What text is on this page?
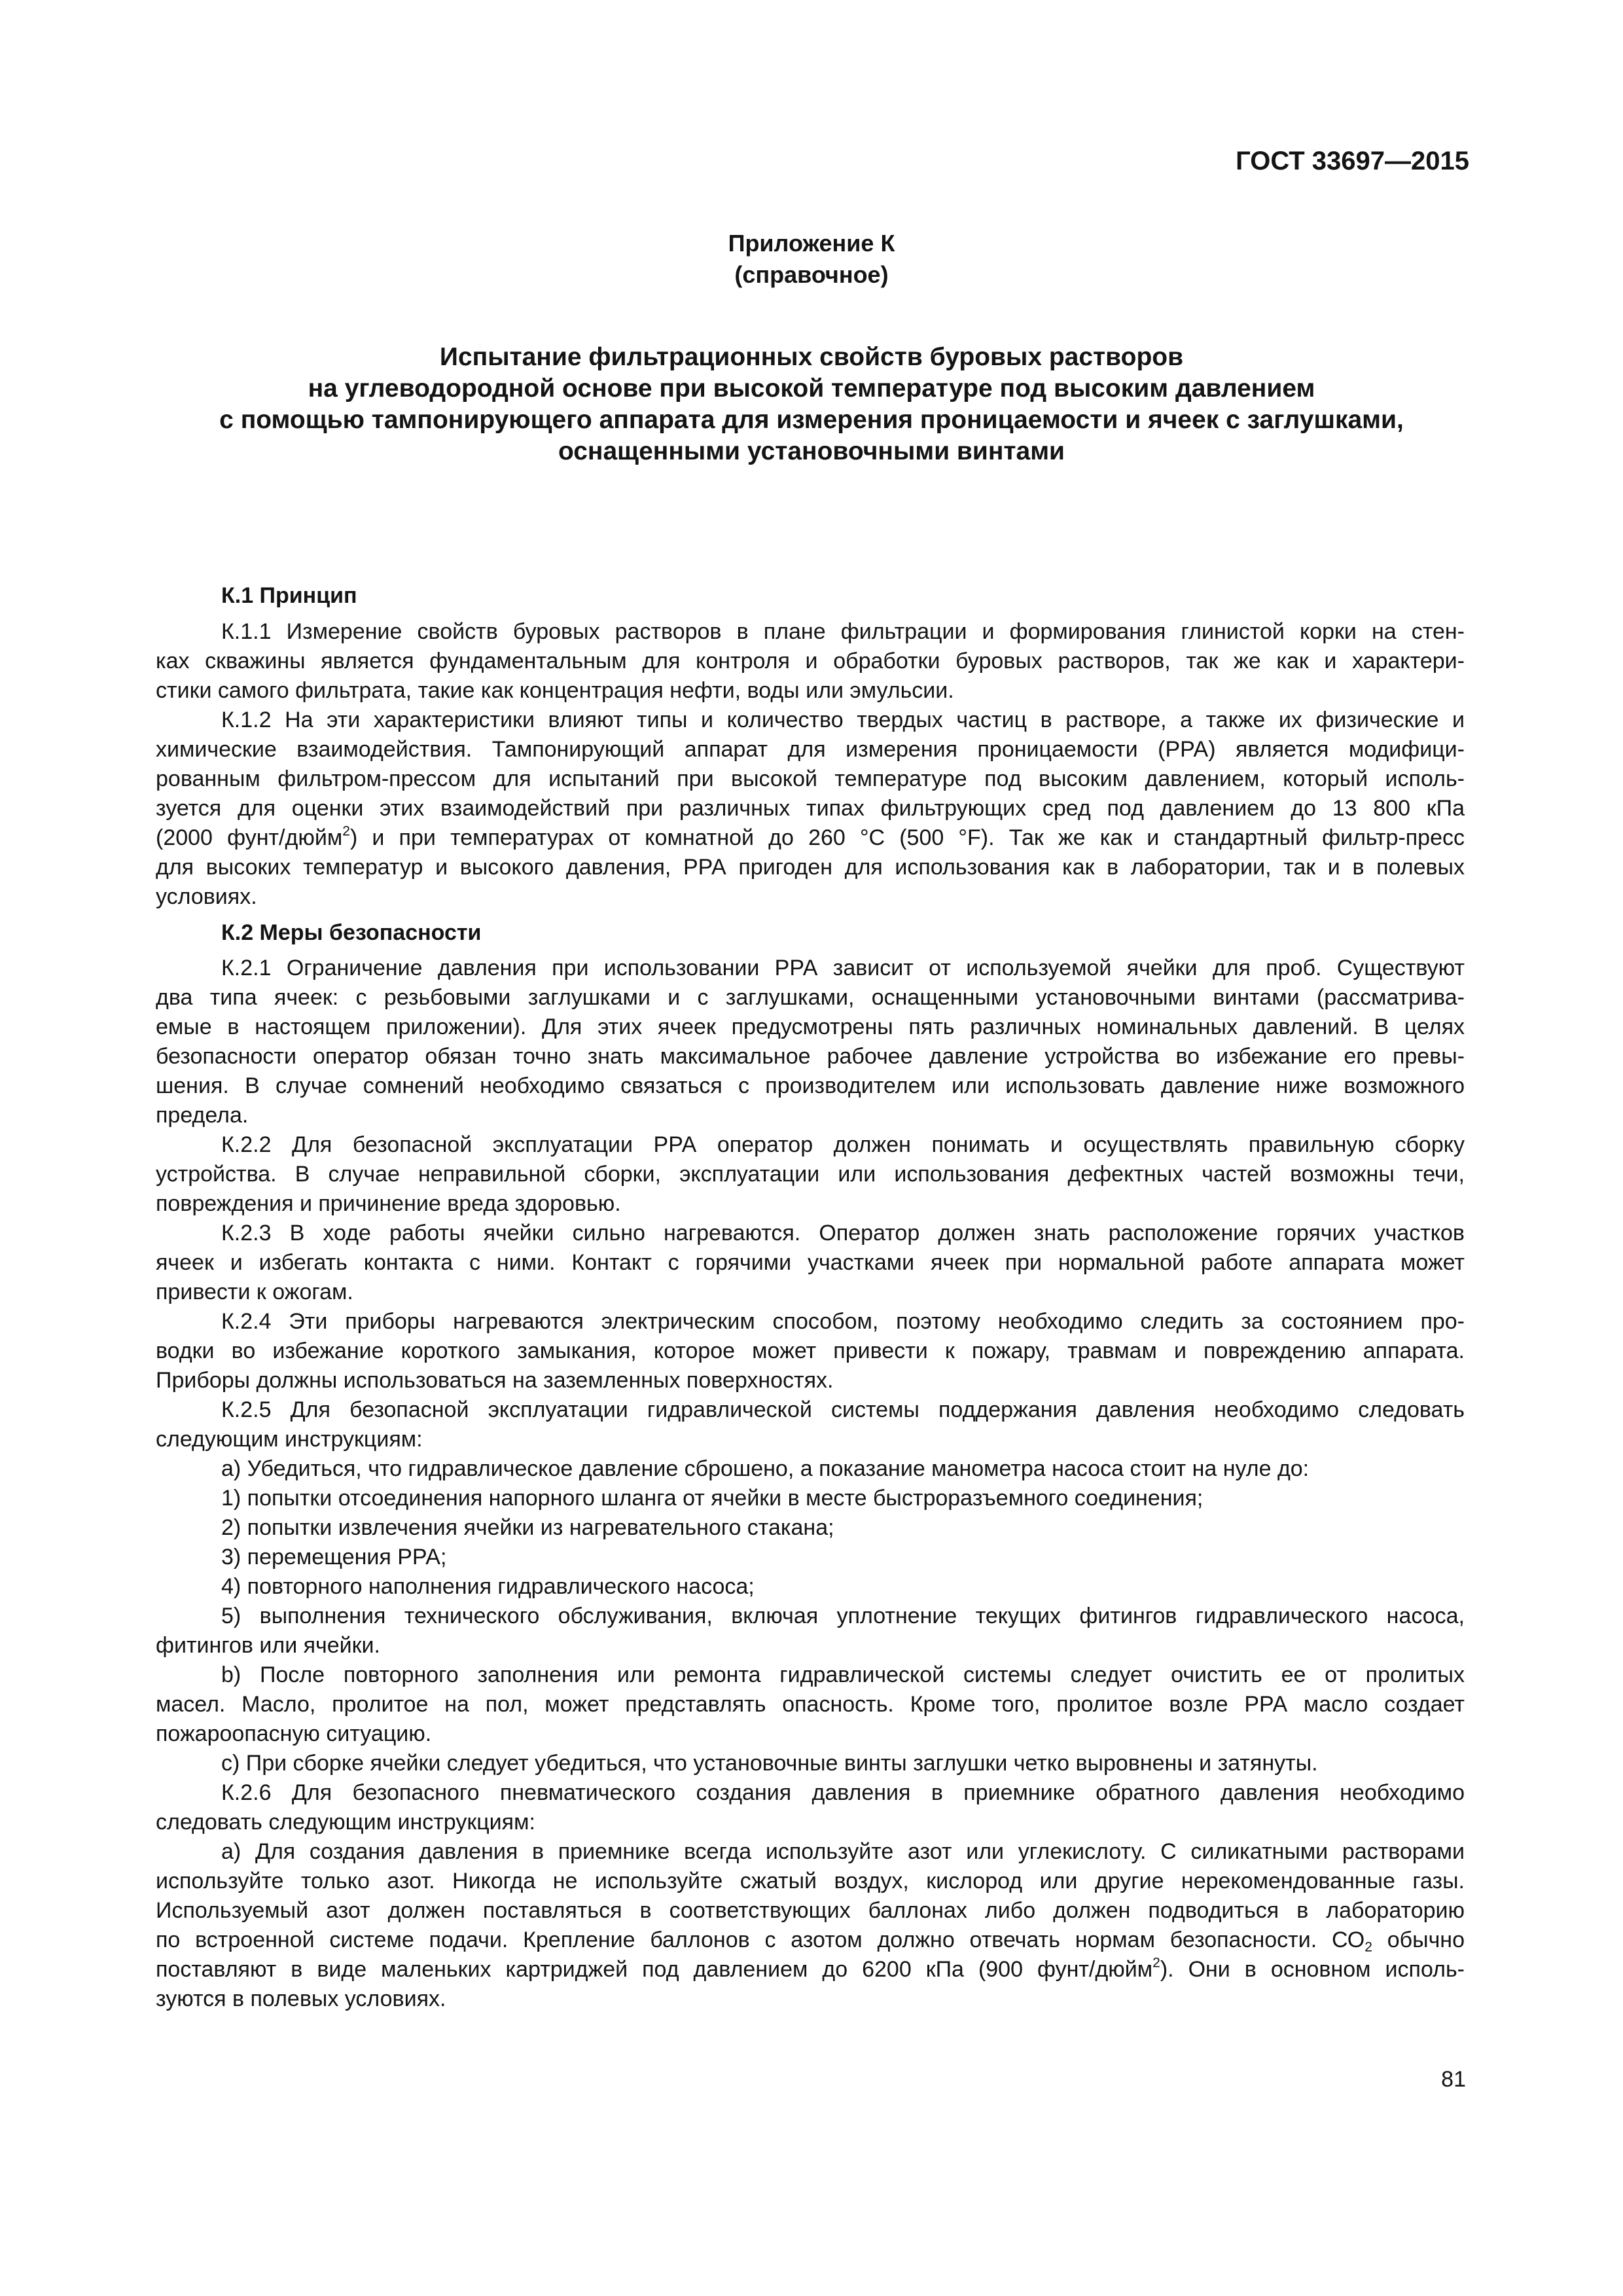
ГОСТ 33697—2015
Приложение К
(справочное)
Испытание фильтрационных свойств буровых растворов
на углеводородной основе при высокой температуре под высоким давлением
с помощью тампонирующего аппарата для измерения проницаемости и ячеек с заглушками,
оснащенными установочными винтами
К.1 Принцип
К.1.1 Измерение свойств буровых растворов в плане фильтрации и формирования глинистой корки на стен-
ках скважины является фундаментальным для контроля и обработки буровых растворов, так же как и характери-
стики самого фильтрата, такие как концентрация нефти, воды или эмульсии.
К.1.2 На эти характеристики влияют типы и количество твердых частиц в растворе, а также их физические и
химические взаимодействия. Тампонирующий аппарат для измерения проницаемости (РРА) является модифици-
рованным фильтром-прессом для испытаний при высокой температуре под высоким давлением, который исполь-
зуется для оценки этих взаимодействий при различных типах фильтрующих сред под давлением до 13 800 кПа
(2000 фунт/дюйм$^2$) и при температурах от комнатной до 260 °С (500 °F). Так же как и стандартный фильтр-пресс
для высоких температур и высокого давления, РРА пригоден для использования как в лаборатории, так и в полевых
условиях.
К.2 Меры безопасности
К.2.1 Ограничение давления при использовании РРА зависит от используемой ячейки для проб. Существуют
два типа ячеек: с резьбовыми заглушками и с заглушками, оснащенными установочными винтами (рассматрива-
емые в настоящем приложении). Для этих ячеек предусмотрены пять различных номинальных давлений. В целях
безопасности оператор обязан точно знать максимальное рабочее давление устройства во избежание его превы-
шения. В случае сомнений необходимо связаться с производителем или использовать давление ниже возможного
предела.
К.2.2 Для безопасной эксплуатации РРА оператор должен понимать и осуществлять правильную сборку
устройства. В случае неправильной сборки, эксплуатации или использования дефектных частей возможны течи,
повреждения и причинение вреда здоровью.
К.2.3 В ходе работы ячейки сильно нагреваются. Оператор должен знать расположение горячих участков
ячеек и избегать контакта с ними. Контакт с горячими участками ячеек при нормальной работе аппарата может
привести к ожогам.
К.2.4 Эти приборы нагреваются электрическим способом, поэтому необходимо следить за состоянием про-
водки во избежание короткого замыкания, которое может привести к пожару, травмам и повреждению аппарата.
Приборы должны использоваться на заземленных поверхностях.
К.2.5 Для безопасной эксплуатации гидравлической системы поддержания давления необходимо следовать
следующим инструкциям:
а) Убедиться, что гидравлическое давление сброшено, а показание манометра насоса стоит на нуле до:
1) попытки отсоединения напорного шланга от ячейки в месте быстроразъемного соединения;
2) попытки извлечения ячейки из нагревательного стакана;
3) перемещения РРА;
4) повторного наполнения гидравлического насоса;
5) выполнения технического обслуживания, включая уплотнение текущих фитингов гидравлического насоса,
фитингов или ячейки.
b) После повторного заполнения или ремонта гидравлической системы следует очистить ее от пролитых
масел. Масло, пролитое на пол, может представлять опасность. Кроме того, пролитое возле РРА масло создает
пожароопасную ситуацию.
с) При сборке ячейки следует убедиться, что установочные винты заглушки четко выровнены и затянуты.
К.2.6 Для безопасного пневматического создания давления в приемнике обратного давления необходимо
следовать следующим инструкциям:
а) Для создания давления в приемнике всегда используйте азот или углекислоту. С силикатными растворами
используйте только азот. Никогда не используйте сжатый воздух, кислород или другие нерекомендованные газы.
Используемый азот должен поставляться в соответствующих баллонах либо должен подводиться в лабораторию
по встроенной системе подачи. Крепление баллонов с азотом должно отвечать нормам безопасности. $СО_2$ обычно
поставляют в виде маленьких картриджей под давлением до 6200 кПа (900 фунт/дюйм$^2$). Они в основном исполь-
зуются в полевых условиях.
81
